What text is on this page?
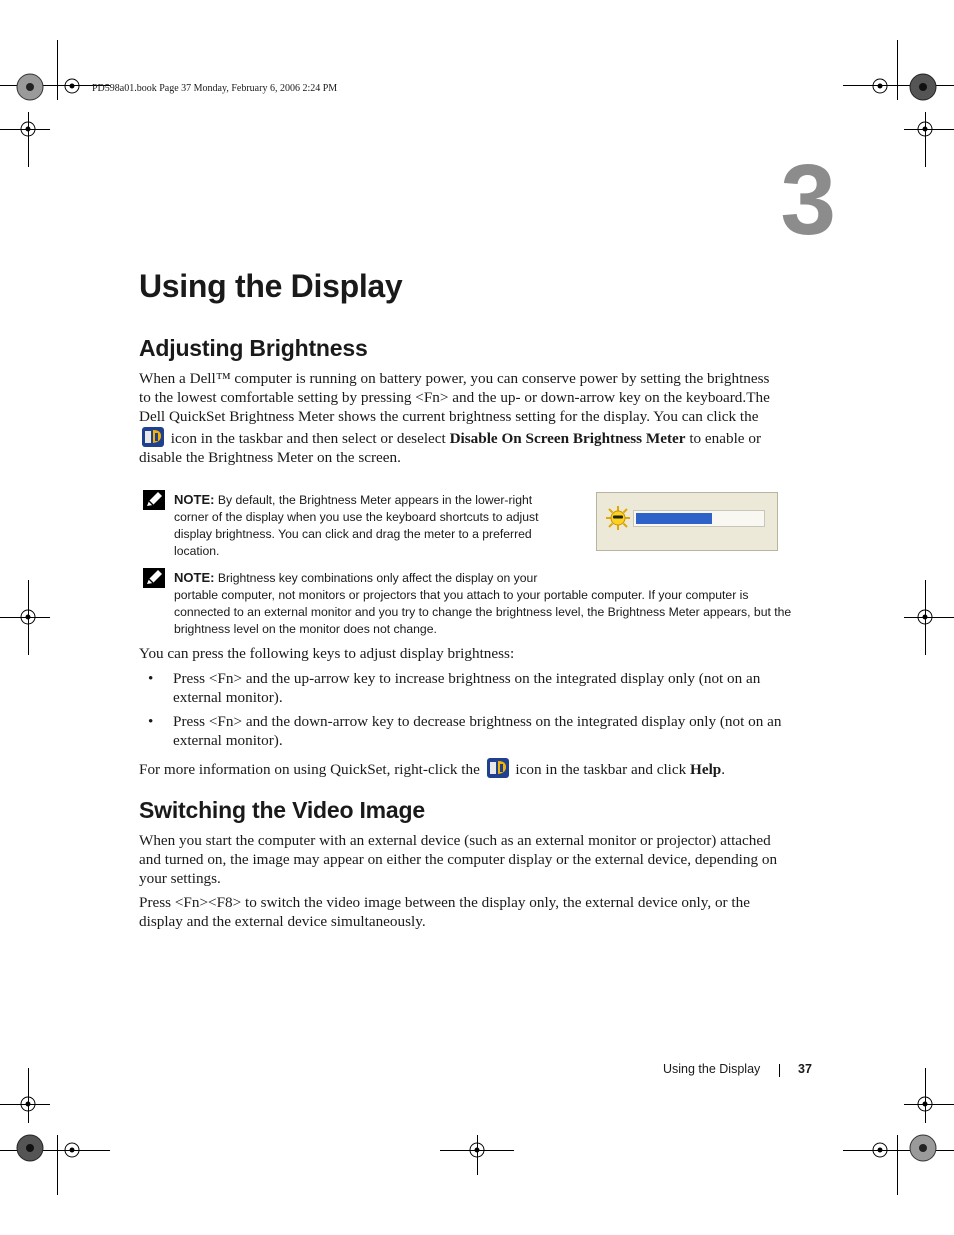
PD598a01.book Page 37 Monday, February 6, 2006 2:24 PM
3
Using the Display
Adjusting Brightness
When a Dell™ computer is running on battery power, you can conserve power by setting the brightness to the lowest comfortable setting by pressing <Fn> and the up- or down-arrow key on the keyboard.The Dell QuickSet Brightness Meter shows the current brightness setting for the display. You can click the  icon in the taskbar and then select or deselect Disable On Screen Brightness Meter to enable or disable the Brightness Meter on the screen.
NOTE: By default, the Brightness Meter appears in the lower-right corner of the display when you use the keyboard shortcuts to adjust display brightness. You can click and drag the meter to a preferred location.
NOTE: Brightness key combinations only affect the display on your
portable computer, not monitors or projectors that you attach to your portable computer. If your computer is connected to an external monitor and you try to change the brightness level, the Brightness Meter appears, but the brightness level on the monitor does not change.
You can press the following keys to adjust display brightness:
• Press <Fn> and the up-arrow key to increase brightness on the integrated display only (not on an external monitor).
• Press <Fn> and the down-arrow key to decrease brightness on the integrated display only (not on an external monitor).
For more information on using QuickSet, right-click the icon in the taskbar and click Help.
Switching the Video Image
When you start the computer with an external device (such as an external monitor or projector) attached and turned on, the image may appear on either the computer display or the external device, depending on your settings.
Press <Fn><F8> to switch the video image between the display only, the external device only, or the display and the external device simultaneously.
Using the Display	37
